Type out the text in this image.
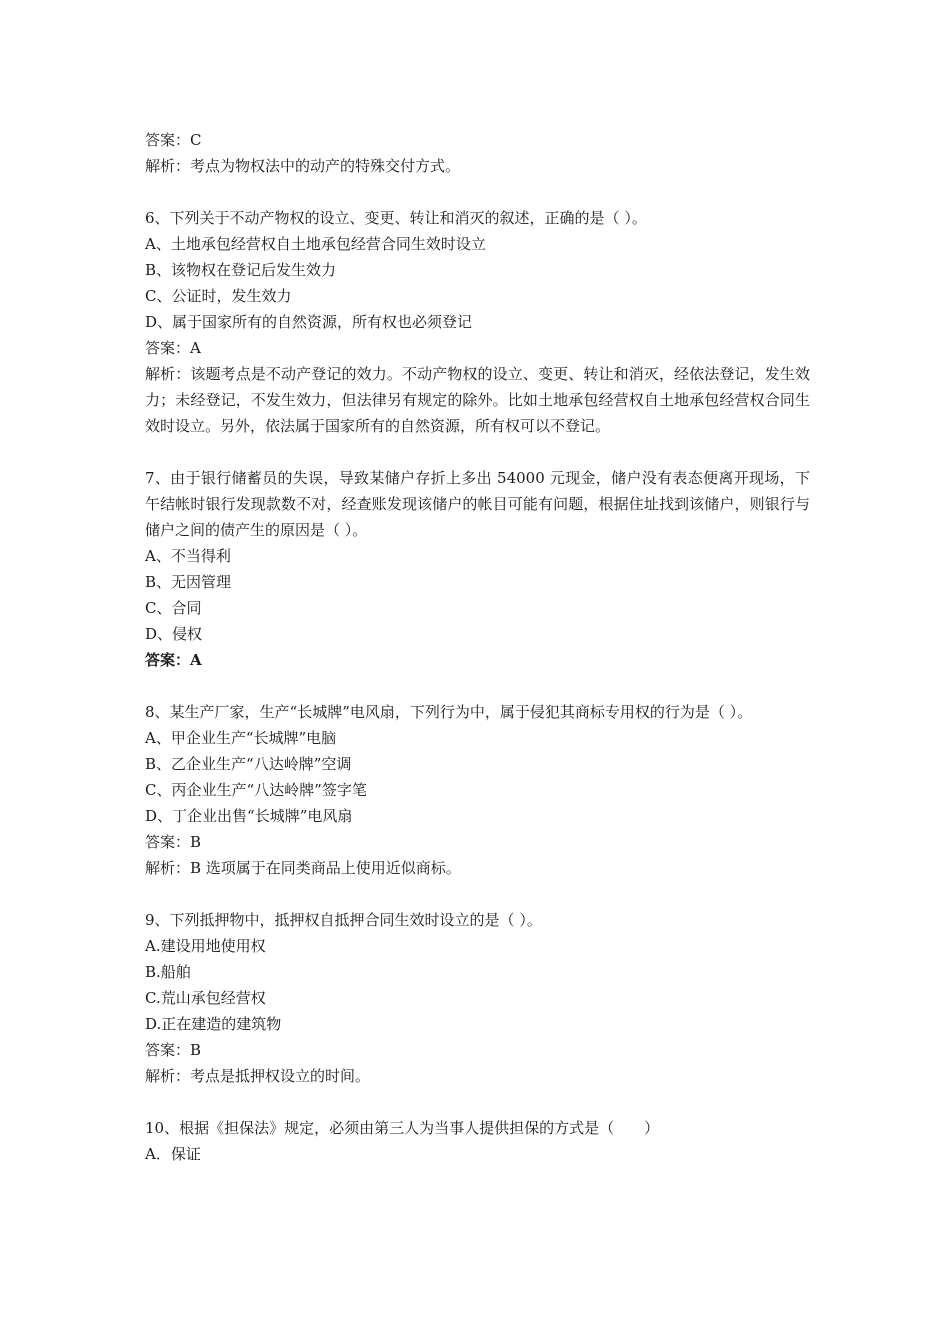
答案：C
解析：考点为物权法中的动产的特殊交付方式。
6、下列关于不动产物权的设立、变更、转让和消灭的叙述，正确的是（ ）。
A、土地承包经营权自土地承包经营合同生效时设立
B、该物权在登记后发生效力
C、公证时，发生效力
D、属于国家所有的自然资源，所有权也必须登记
答案：A
解析：该题考点是不动产登记的效力。不动产物权的设立、变更、转让和消灭，经依法登记，发生效力；未经登记，不发生效力，但法律另有规定的除外。比如土地承包经营权自土地承包经营权合同生效时设立。另外，依法属于国家所有的自然资源，所有权可以不登记。
7、由于银行储蓄员的失误，导致某储户存折上多出 54000 元现金，储户没有表态便离开现场，下午结帐时银行发现款数不对，经查账发现该储户的帐目可能有问题，根据住址找到该储户，则银行与储户之间的债产生的原因是（ ）。
A、不当得利
B、无因管理
C、合同
D、侵权
答案：A
8、某生产厂家，生产“长城牌”电风扇，下列行为中，属于侵犯其商标专用权的行为是（ ）。
A、甲企业生产“长城牌”电脑
B、乙企业生产“八达岭牌”空调
C、丙企业生产“八达岭牌”签字笔
D、丁企业出售“长城牌”电风扇
答案：B
解析：B 选项属于在同类商品上使用近似商标。
9、下列抵押物中，抵押权自抵押合同生效时设立的是（ ）。
A.建设用地使用权
B.船舶
C.荒山承包经营权
D.正在建造的建筑物
答案：B
解析：考点是抵押权设立的时间。
10、根据《担保法》规定，必须由第三人为当事人提供担保的方式是（　　）
A．保证
